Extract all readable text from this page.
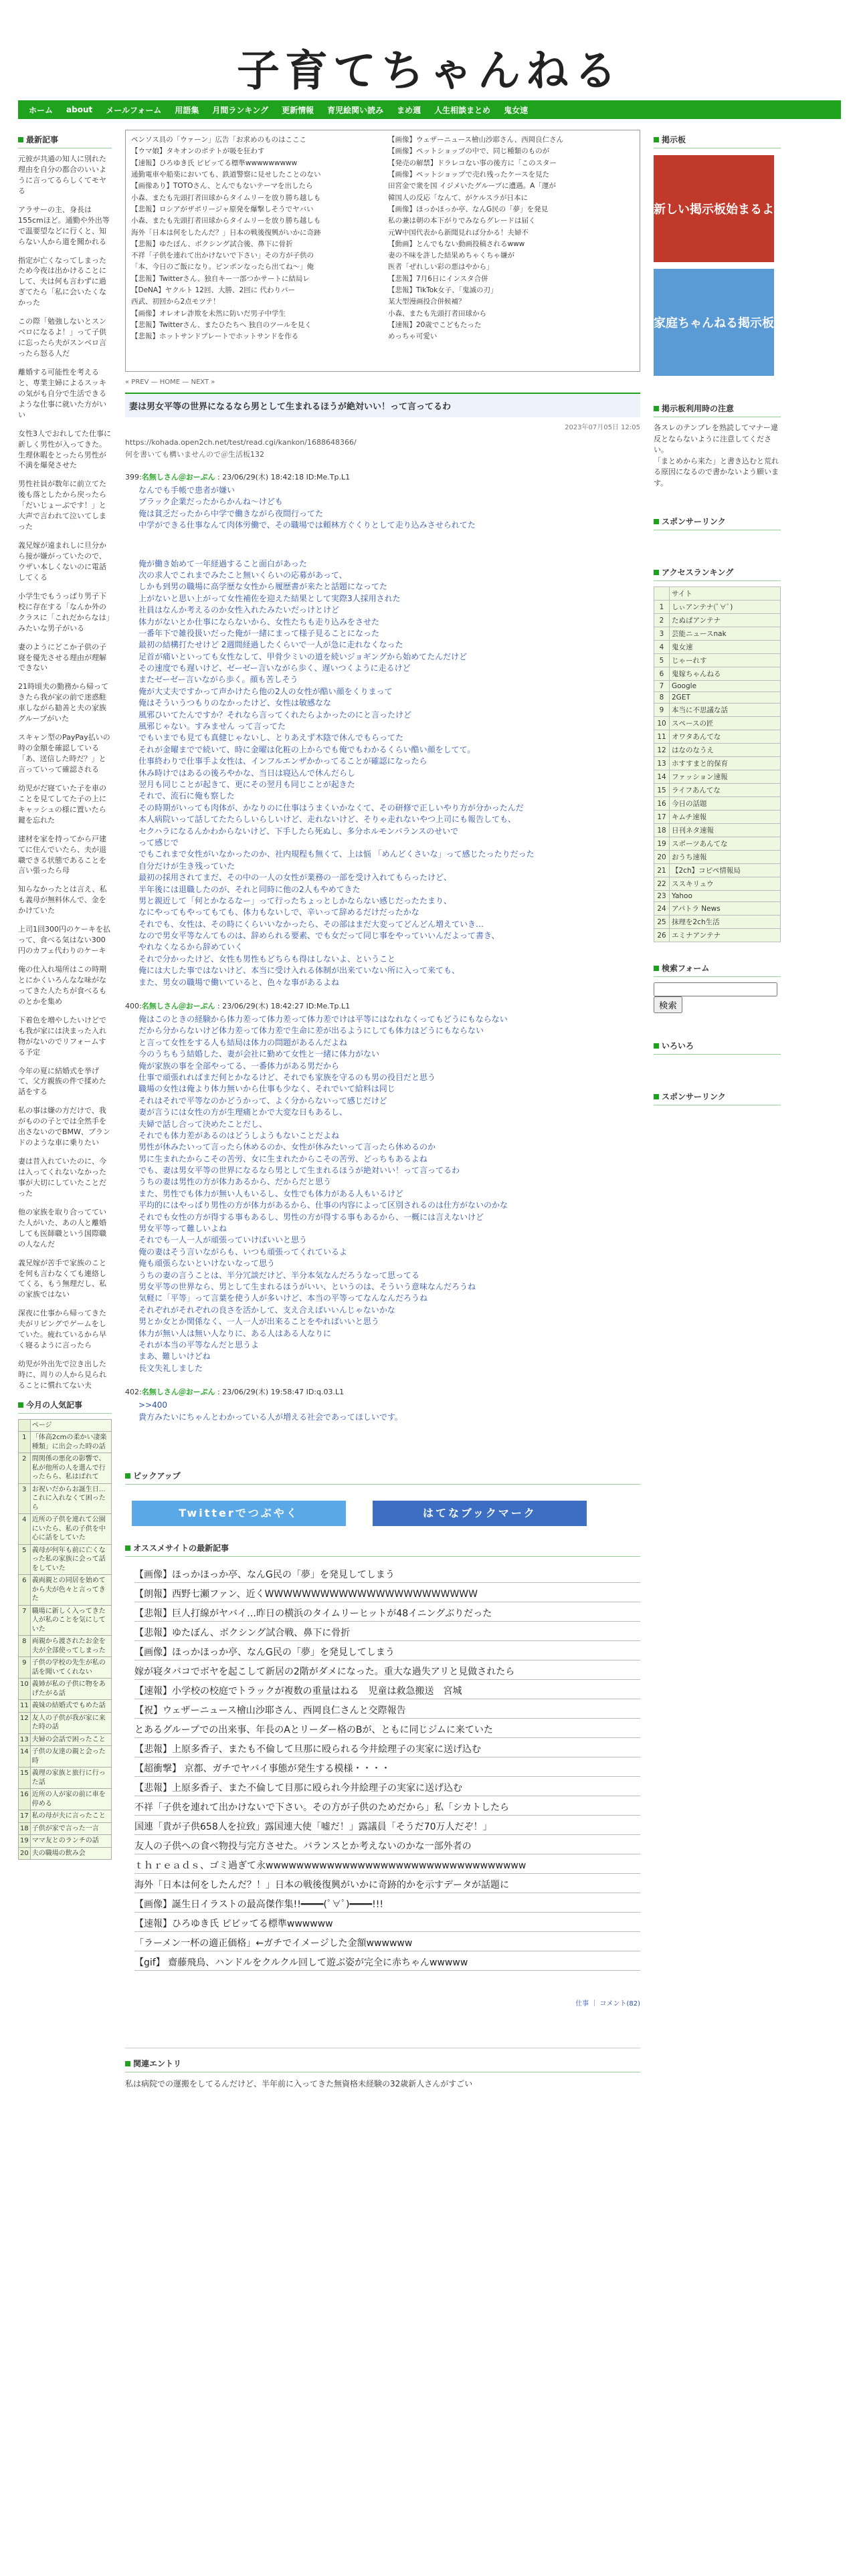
子育てちゃんねる
ホーム about メールフォーム 用語集 月間ランキング 更新情報 育児絵関い読み まめ週 人生相談まとめ 鬼女速
最新記事

元彼が共通の知人に別れた理由を自分の都合のいいように言ってるらしくてモヤる

アラサーの主、身長は155cmほど。通勤や外出等で温要望などに行くと、知らない人から道を聞かれる

指定が亡くなってしまったため今夜は出かけることにして、夫は何も言わずに過ぎてたら「私に会いたくなかった

この際「勉強しないとスンベロになるよ！」って子供に忘ったら夫がスンベロ言ったら怒る人だ

離婚する可能性を考えると、専業主婦によるスッキの気がも自分で生活できるような仕事に就いた方がいい

女性3人でおれしてた仕事に新しく男性が入ってきた。生理休暇をとったら男性が不満を爆発させた

男性社員が数年に前立てた後も落としたから戻ったら「だいじょーぶです！」と大声で言われて泣いてしまった

義兄嫁が遠まれしに旦分から接が嫌がっていたので、ウザい本しくないのに電話してくる

小学生でもうっぱり男子下校に存在する「なんか外のクラスに「これだからなは」みたいな男子がいる

妻のようにどこか子供の子寝を優先させる理由が理解できない

21時頃夫の勤務から帰ってきたら我が家の前で迷惑駐車しながら勧善と夫の家族グループがいた

スキャン型のPayPay払いの時の金額を確認している「あ、送信した時だ？」と言っていって確認される

幼児がだ寝ていた子を車のことを見てしてた子の上にキャッシュの様に置いたら鍵を忘れた

建材を家を持ってから戸建てに住んでいたら、夫が退職できる状態であることを言い張ったら母

知らなかったとは言え、私も義母が無料休んで、金をかけていた

上司1回300円のケーキを払って、食べる気はない300円のカフェ代わりのケーキ

俺の仕入れ場所はこの時期とにかくいろんなな味がなってきた人たちが食べるものとかを集め

下着色を増やしたいけどでも我が家には決まった入れ物がないのでリフォームする予定

今年の夏に結婚式を挙げて、父方親族の件で揉めた話をする

私の事は嫌の方だけで、我がものの子とでは全然手を出さないのでBMW、ブランドのような車に乗りたい

妻は昔入れていたのに、今は入ってくれないなかった事が大切にしていたことだった

他の家族を取り合ってていた人がいた、あの人と離婚しても医師職という国際職の人なんだ

義兄嫁が苦手で家族のことを何も言わなくても連絡してくる、もう無理だし、私の家族ではない

深夜に仕事から帰ってきた夫がリビングでゲームをしていた。疲れているから早く寝るように言ったら

幼児が外出先で泣き出した時に、周りの人から見られることに慣れてない夫

今月の人気記事
	ページ
1	「体高2cmの柔かい凄楽種類」に出会った時の話
2	間関係の悪化の影響で、私が他所の人を選んで行ったらら、私はばれて
3	お祝いだからお誕生日…これに入れなくて困ったら
4	近所の子供を連れて公園にいたら、私の子供を中心に話をしていた
5	義母が何年も前に亡くなった私の家族に会って話をしていた
6	義両親との同居を始めてから夫が色々と言ってきた
7	職場に新しく入ってきた人が私のことを気にしていた
8	両親から渡されたお金を夫が全部使ってしまった
9	子供の学校の先生が私の話を聞いてくれない
10	義姉が私の子供に物をあげたがる話
11	義妹の結婚式でもめた話
12	友人の子供が我が家に来た時の話
13	夫婦の会話で困ったこと
14	子供の友達の親と会った時
15	義理の家族と旅行に行った話
16	近所の人が家の前に車を停める
17	私の母が夫に言ったこと
18	子供が家で言った一言
19	ママ友とのランチの話
20	夫の職場の飲み会
ペンソス具の「ウァーン」広告「お求めのものはこここ
【ウマ娘】タキオンのポテトが吸を狂わす
【速報】ひろゆき氏 ピビッてる標準wwwwwwwww
通勤電車や船楽においても、鉄道警察に見せしたことのない
【画像あり】TOTOさん、とんでもないテーマを出したら
小森、またも先頭打者田球からタイムリーを放り勝ち越しも
【悲報】ロシアがザポリージャ原発を爆撃しそうでヤバい
小森、またも先頭打者田球からタイムリーを放り勝ち越しも
海外「日本は何をしたんだ？」日本の戦後復興がいかに奇跡
【悲報】ゆたぼん、ボクシング試合後、鼻下に骨折
不祥「子供を連れて出かけないで下さい」その方が子供の
「本、今日のご飯になり。ピンポンなったら出てね～」俺
【悲報】Twitterさん、独自キー一部つかサートに結局レ
【DeNA】ヤクルト 12回、大勝、2回に 代わりパー
西武、初回から2点モツテ！
【画像】オレオレ詐欺を未然に防いだ男子中学生
【悲報】Twitterさん、またひたちへ 独自のツールを見く
【悲報】ホットサンドプレートでホットサンドを作る
【画像】ウェザーニュース檜山沙耶さん、西岡良仁さん
【画像】ペットショップの中で、同じ種類のものが
【発売の解禁】ドラレコない事の後方に「このスター
【画像】ペットショップで売れ残ったケースを見た
田宮金で衆を国 イジメいたグループに遭遇。A「運が
韓国人の反応「なんて、がケルスラが日本に
【画像】ほっかほっか亭、なんG民の「夢」を発見
私の兼は朝の本下がりでみならグレードは届く
元W中国代表から新聞見れば分かる！夫婦不
【動画】とんでもない動画投稿されるwww
妻の不味を許した結果めちゃくちゃ嫌が
医者「ぜれしい彩の悪はやから」
【悲報】7月6日にインスタ合併
【悲報】TikTok女子、「鬼滅の刃」
某大型漫画投合併候補？
小森、またも先頭打者田球から
【速報】20歳でこどもたった
めっちゃ可愛い
« PREV — HOME — NEXT »
妻は男女平等の世界になるなら男として生まれるほうが絶対いい！って言ってるわ
2023年07月05日 12:05
https://kohada.open2ch.net/test/read.cgi/kankon/1688648366/
何を書いても構いませんので＠生活板132
399:名無しさん＠おーぷん : 23/06/29(木) 18:42:18 ID:Me.Tp.L1
なんでも手帳で患者が嫌い
ブラック企業だったからかんね～けども
俺は貧乏だったから中学で働きながら夜間行ってた
中学ができる仕事なんて肉体労働で、その職場では頼林方ぐくりとして走り込みさせられてた
俺が働き始めて一年経過すること面白があった
次の求人でこれまでみたこと無いくらいの応募があって、
しかも到男の職場に高学歴な女性から履歴書が来たと話題になってた
上がないと思い上がって女性補佐を迎えた結果として実際3人採用された
社員はなんか考えるのか女性入れたみたいだっけとけど
体力がないとか仕事にならないから、女性たちも走り込みをさせた
一番年下で雑役扱いだった俺が一緒にまって様子見ることになった
最初の結構打たせけど 2週間経過したくらいで一人が急に走れなくなった
足首が痛いといっても女性なして、甲骨少ミいの道を続いジョギングから始めてたんだけど
その速度でも遅いけど、ゼーゼー言いながら歩く、遅いつくように走るけど
またゼーゼー言いながら歩く。顔も苦しそう
俺が大丈夫ですかって声かけたら他の2人の女性が酷い顔をくりまって
俺はそういうつもりのなかったけど、女性は敏感なな
風邪ひいてたんですか？それなら言ってくれたらよかったのにと言ったけど
風邪じゃない。すみません って言ってた
でもいまでも見ても真健じゃないし、とりあえず木陰で休んでもらってた
それが金曜までで続いて、時に金曜は化粧の上からでも俺でもわかるくらい酷い顔をしてて。
仕事終わりで仕事手よ女性は、インフルエンザかかってることが確認になったら
休み時けではあるの後ろやかな、当日は寝込んで休んだらし
翌月も同じことが起きて、更にその翌月も同じことが起きた
それで、流石に俺も察した
その時期がいっても肉体が、かなりのに仕事はうまくいかなくて、その研修で正しいやり方が分かったんだ
本人病院いって話してたたらしいらしいけど、走れないけど、そりゃ走れないやつ上司にも報告しても、
セクハラになるんかわからないけど、下手したら死ぬし、多分ホルモンバランスのせいで
って感じで
でもこれまで女性がいなかったのか、社内規程も無くて、上は悩 「めんどくさいな」って感じたったりだった
自分だけが生き残っていた
最初の採用されてまだ、その中の一人の女性が業務の一部を受け入れてもらったけど、
半年後には退職したのが、それと同時に他の2人もやめてきた
男と親近して「何とかなるなー」って行ったちょっとしかならない感じだったたまり、
なにやってもやってもても、体力もないしで、辛いって辞めるだけだったかな
それでも、女性は、その時にくらいいなかったら、その部はまだ大変ってどんどん増えていき…
なので男女平等なんてものは、辞められる要素、でも女だって同じ事をやっていいんだよって書き、
やれなくなるから辞めていく
それで分かったけど、女性も男性もどちらも得はしないよ、ということ
俺には大した事ではないけど、本当に受け入れる体制が出来ていない所に入って来ても、
また、男女の職場で働いていると、色々な事があるよね
400:名無しさん＠おーぷん : 23/06/29(木) 18:42:27 ID:Me.Tp.L1
俺はこのときの経験から体力差って体力差って体力差でけは平等にはなれなくってもどうにもならない
だから分からないけど体力差って体力差で生命に差が出るようにしても体力はどうにもならない
と言って女性をする人も結局は体力の問題があるんだよね
今のうちもう結婚した、妻が会社に勤めて女性と一緒に体力がない
俺が家族の事を全部やってる、一番体力がある男だから
仕事で頑張れればまだ何とかなるけど、それでも家族を守るのも男の役目だと思う
職場の女性は俺より体力無いから仕事も少なく、それでいて給料は同じ
それはそれで平等なのかどうかって、よく分からないって感じだけど
妻が言うには女性の方が生理痛とかで大変な日もあるし、
夫婦で話し合って決めたことだし、
それでも体力差があるのはどうしようもないことだよね
男性が休みたいって言ったら休めるのか、女性が休みたいって言ったら休めるのか
男に生まれたからこその苦労、女に生まれたからこその苦労、どっちもあるよね
でも、妻は男女平等の世界になるなら男として生まれるほうが絶対いい！って言ってるわ
うちの妻は男性の方が体力あるから、だからだと思う
また、男性でも体力が無い人もいるし、女性でも体力がある人もいるけど
平均的にはやっぱり男性の方が体力があるから、仕事の内容によって区別されるのは仕方がないのかな
それでも女性の方が得する事もあるし、男性の方が得する事もあるから、一概には言えないけど
男女平等って難しいよね
それでも一人一人が頑張っていけばいいと思う
俺の妻はそう言いながらも、いつも頑張ってくれているよ
俺も頑張らないといけないなって思う
うちの妻の言うことは、半分冗談だけど、半分本気なんだろうなって思ってる
男女平等の世界なら、男として生まれるほうがいい、というのは、そういう意味なんだろうね
気軽に「平等」って言葉を使う人が多いけど、本当の平等ってなんなんだろうね
それぞれがそれぞれの良さを活かして、支え合えばいいんじゃないかな
男とか女とか関係なく、一人一人が出来ることをやればいいと思う
体力が無い人は無い人なりに、ある人はある人なりに
それが本当の平等なんだと思うよ
まあ、難しいけどね
長文失礼しました
402:名無しさん＠おーぷん : 23/06/29(木) 19:58:47 ID:q.03.L1
>>400
貴方みたいにちゃんとわかっている人が増える社会であってほしいです。
ピックアップ
Twitterでつぶやく	はてなブックマーク
オススメサイトの最新記事
【画像】ほっかほっか亭、なんG民の「夢」を発見してしまう
【朗報】西野七瀬ファン、近くWWWWWWWWWWWWWWWWWWWWWWW
【悲報】巨人打線がヤバイ…昨日の横浜のタイムリーヒットが48イニングぶりだった
【悲報】ゆたぼん、ボクシング試合戦、鼻下に骨折
【画像】ほっかほっか亭、なんG民の「夢」を発見してしまう
嫁が寝タバコでボヤを起こして新居の2階がダメになった。重大な過失アリと見做されたら
【速報】小学校の校庭でトラックが複数の重量はねる　児童は救急搬送　宮城
【祝】ウェザーニュース檜山沙耶さん、西岡良仁さんと交際報告
とあるグループでの出来事、年長のAとリーダー格のBが、ともに同じジムに来ていた
【悲報】上原多香子、またも不倫して旦那に殴られる今井絵理子の実家に送げ込む
【超衝撃】 京都、ガチでヤバイ事態が発生する模様・・・・
【悲報】上原多香子、また不倫して目那に殴られ今井絵理子の実家に送げ込む
不祥「子供を連れて出かけないで下さい。その方が子供のためだから」私「シカトしたら
国連「貴が子供658人を拉致」露国連大使「嘘だ！」露議員「そうだ70万人だぞ！」
友人の子供への食べ物投与完方させた。バランスとか考えないのかな一部外者の
ｔｈｒｅａｄｓ、ゴミ過ぎて永wwwwwwwwwwwwwwwwwwwwwwwwwwwwwwwwww
海外「日本は何をしたんだ？！」日本の戦後復興がいかに奇跡的かを示すデータが話題に
【画像】誕生日イラストの最高傑作集!!━━━━(ﾟ∀ﾟ)━━━━!!!
【速報】ひろゆき氏 ピビッてる標準wwwwww
「ラーメン一杯の適正価格」←ガチでイメージした金額wwwwww
【gif】 齋藤飛鳥、ハンドルをクルクル回して遊ぶ姿が完全に赤ちゃんwwwww
仕事 ｜ コメント(82)
関連エントリ

私は病院での運搬をしてるんだけど、半年前に入ってきた無資格未経験の32歳新人さんがすごい

掲示板
新しい掲示板始まるよ
家庭ちゃんねる掲示板
掲示板利用時の注意
各スレのテンプレを熟読してマナー違反とならないように注意してください。
「まとめから来た」と書き込むと荒れる原因になるので書かないよう願います。
スポンサーリンク
アクセスランキング
	サイト
1	しぃアンテナ(ﾟ∀ﾟ)
2	たぬぱアンテナ
3	芸能ニュースnak
4	鬼女速
5	じゃーれす
6	鬼嫁ちゃんねる
7	Google
8	2GET
9	本当に不思議な話
10	スペースの匠
11	オワタあんてな
12	はなのなうえ
13	ホすすまと的保育
14	ファッション速報
15	ライフあんてな
16	今日の話題
17	キムチ速報
18	日刊ネタ速報
19	スポーツあんてな
20	おうち速報
21	【2ch】コピペ情報局
22	ススキリュウ
23	Yahoo
24	アパトラ News
25	抹理を2ch生活
26	エミナアンテナ
検索フォーム

検索
いろいろ
スポンサーリンク
